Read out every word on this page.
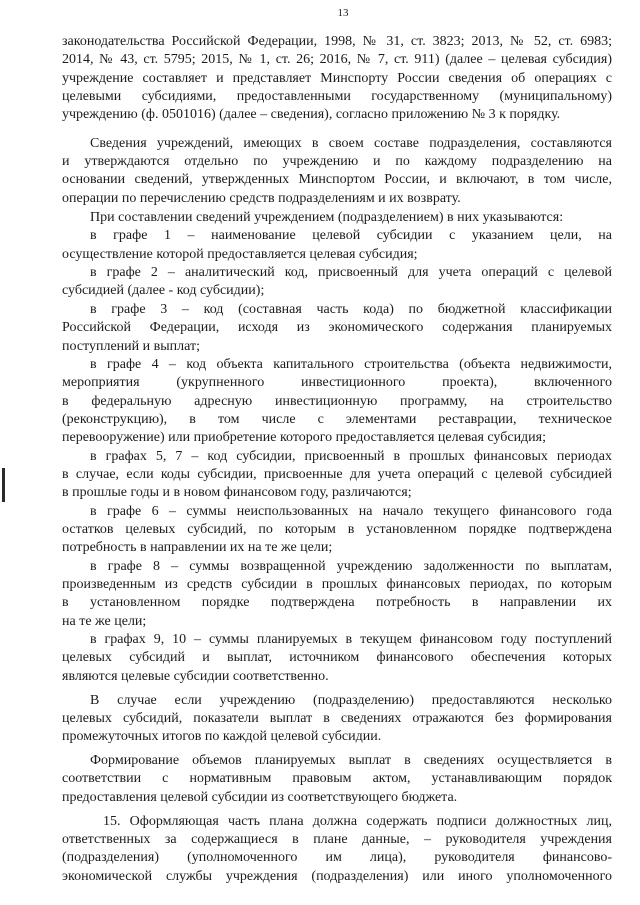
13
законодательства Российской Федерации, 1998, № 31, ст. 3823; 2013, № 52, ст. 6983;
2014, № 43, ст. 5795; 2015, № 1, ст. 26; 2016, № 7, ст. 911) (далее – целевая субсидия)
учреждение составляет и представляет Минспорту России сведения об операциях с
целевыми субсидиями, предоставленными государственному (муниципальному)
учреждению (ф. 0501016) (далее – сведения), согласно приложению № 3 к порядку.
Сведения учреждений, имеющих в своем составе подразделения, составляются
и утверждаются отдельно по учреждению и по каждому подразделению на
основании сведений, утвержденных Минспортом России, и включают, в том числе,
операции по перечислению средств подразделениям и их возврату.
При составлении сведений учреждением (подразделением) в них указываются:
в графе 1 – наименование целевой субсидии с указанием цели, на
осуществление которой предоставляется целевая субсидия;
в графе 2 – аналитический код, присвоенный для учета операций с целевой
субсидией (далее - код субсидии);
в графе 3 – код (составная часть кода) по бюджетной классификации
Российской Федерации, исходя из экономического содержания планируемых
поступлений и выплат;
в графе 4 – код объекта капитального строительства (объекта недвижимости,
мероприятия (укрупненного инвестиционного проекта), включенного
в федеральную адресную инвестиционную программу, на строительство
(реконструкцию), в том числе с элементами реставрации, техническое
перевооружение) или приобретение которого предоставляется целевая субсидия;
в графах 5, 7 – код субсидии, присвоенный в прошлых финансовых периодах
в случае, если коды субсидии, присвоенные для учета операций с целевой субсидией
в прошлые годы и в новом финансовом году, различаются;
в графе 6 – суммы неиспользованных на начало текущего финансового года
остатков целевых субсидий, по которым в установленном порядке подтверждена
потребность в направлении их на те же цели;
в графе 8 – суммы возвращенной учреждению задолженности по выплатам,
произведенным из средств субсидии в прошлых финансовых периодах, по которым
в установленном порядке подтверждена потребность в направлении их
на те же цели;
в графах 9, 10 – суммы планируемых в текущем финансовом году поступлений
целевых субсидий и выплат, источником финансового обеспечения которых
являются целевые субсидии соответственно.
В случае если учреждению (подразделению) предоставляются несколько
целевых субсидий, показатели выплат в сведениях отражаются без формирования
промежуточных итогов по каждой целевой субсидии.
Формирование объемов планируемых выплат в сведениях осуществляется в
соответствии с нормативным правовым актом, устанавливающим порядок
предоставления целевой субсидии из соответствующего бюджета.
15. Оформляющая часть плана должна содержать подписи должностных лиц,
ответственных за содержащиеся в плане данные, – руководителя учреждения
(подразделения) (уполномоченного им лица), руководителя финансово-
экономической службы учреждения (подразделения) или иного уполномоченного
